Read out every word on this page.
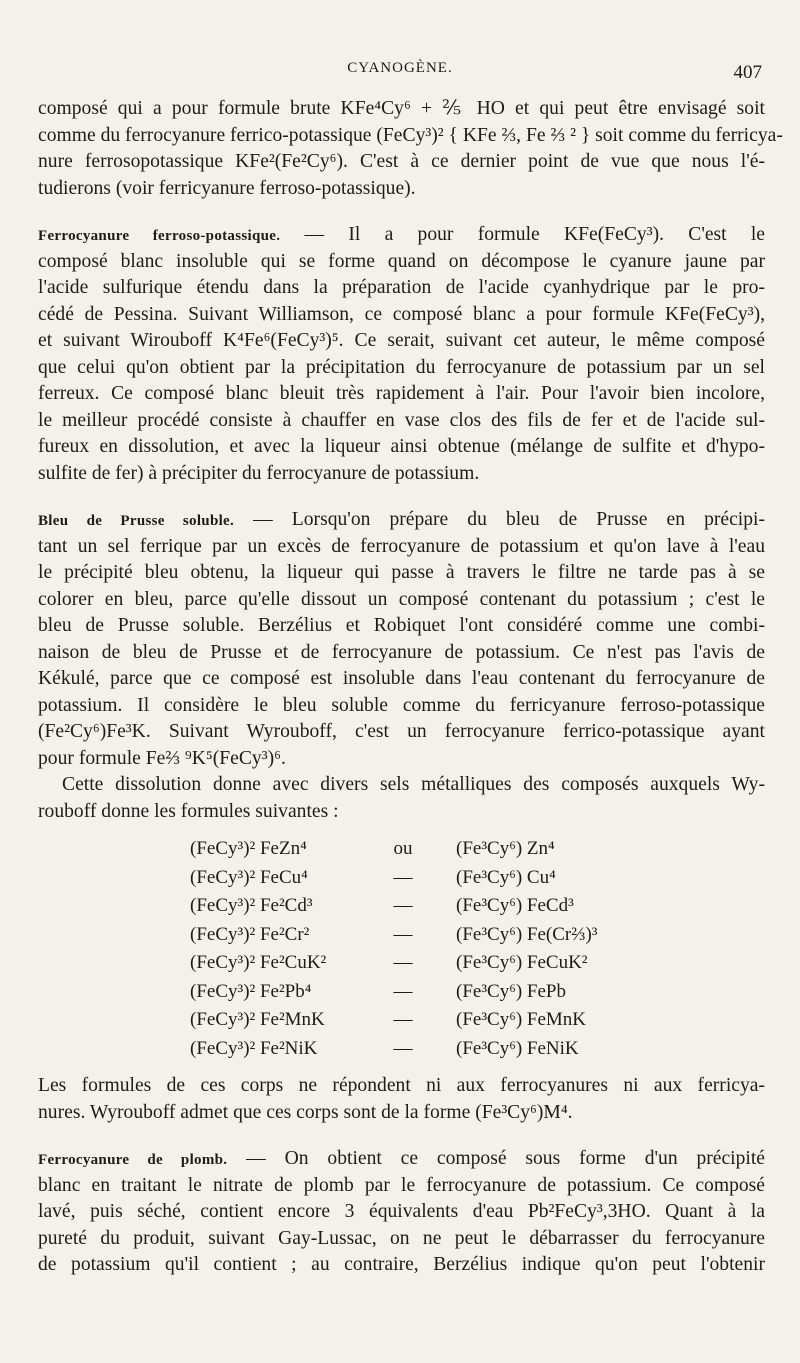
CYANOGÈNE.	407
composé qui a pour formule brute KFe⁴Cy⁶ + ⅖ HO et qui peut être envisagé soit
comme du ferrocyanure ferrico-potassique (FeCy³)² { KFe ⅔, Fe ⅔ ² } soit comme du ferricya-
nure ferrosopotassique KFe²(Fe²Cy⁶). C'est à ce dernier point de vue que nous l'é-
tudierons (voir ferricyanure ferroso-potassique).
Ferrocyanure ferroso-potassique. — Il a pour formule KFe(FeCy³). C'est le
composé blanc insoluble qui se forme quand on décompose le cyanure jaune par
l'acide sulfurique étendu dans la préparation de l'acide cyanhydrique par le pro-
cédé de Pessina. Suivant Williamson, ce composé blanc a pour formule KFe(FeCy³),
et suivant Wirouboff K⁴Fe⁶(FeCy³)⁵. Ce serait, suivant cet auteur, le même composé
que celui qu'on obtient par la précipitation du ferrocyanure de potassium par un sel
ferreux. Ce composé blanc bleuit très rapidement à l'air. Pour l'avoir bien incolore,
le meilleur procédé consiste à chauffer en vase clos des fils de fer et de l'acide sul-
fureux en dissolution, et avec la liqueur ainsi obtenue (mélange de sulfite et d'hypo-
sulfite de fer) à précipiter du ferrocyanure de potassium.
Bleu de Prusse soluble. — Lorsqu'on prépare du bleu de Prusse en précipi-
tant un sel ferrique par un excès de ferrocyanure de potassium et qu'on lave à l'eau
le précipité bleu obtenu, la liqueur qui passe à travers le filtre ne tarde pas à se
colorer en bleu, parce qu'elle dissout un composé contenant du potassium ; c'est le
bleu de Prusse soluble. Berzélius et Robiquet l'ont considéré comme une combi-
naison de bleu de Prusse et de ferrocyanure de potassium. Ce n'est pas l'avis de
Kékulé, parce que ce composé est insoluble dans l'eau contenant du ferrocyanure de
potassium. Il considère le bleu soluble comme du ferricyanure ferroso-potassique
(Fe²Cy⁶)Fe³K. Suivant Wyrouboff, c'est un ferrocyanure ferrico-potassique ayant
pour formule Fe⅔ ⁹K⁵(FeCy³)⁶.
Cette dissolution donne avec divers sels métalliques des composés auxquels Wy-
rouboff donne les formules suivantes :
(FeCy³)² FeZn⁴
(FeCy³)² FeCu⁴
(FeCy³)² Fe²Cd³
(FeCy³)² Fe²Cr²
(FeCy³)² Fe²CuK²
(FeCy³)² Fe²Pb⁴
(FeCy³)² Fe²MnK
(FeCy³)² Fe²NiK
ou
—
—
—
—
—
—
—
(Fe³Cy⁶) Zn⁴
(Fe³Cy⁶) Cu⁴
(Fe³Cy⁶) FeCd³
(Fe³Cy⁶) Fe(Cr⅔)³
(Fe³Cy⁶) FeCuK²
(Fe³Cy⁶) FePb
(Fe³Cy⁶) FeMnK
(Fe³Cy⁶) FeNiK
Les formules de ces corps ne répondent ni aux ferrocyanures ni aux ferricya-
nures. Wyrouboff admet que ces corps sont de la forme (Fe³Cy⁶)M⁴.
Ferrocyanure de plomb. — On obtient ce composé sous forme d'un précipité
blanc en traitant le nitrate de plomb par le ferrocyanure de potassium. Ce composé
lavé, puis séché, contient encore 3 équivalents d'eau Pb²FeCy³,3HO. Quant à la
pureté du produit, suivant Gay-Lussac, on ne peut le débarrasser du ferrocyanure
de potassium qu'il contient ; au contraire, Berzélius indique qu'on peut l'obtenir
